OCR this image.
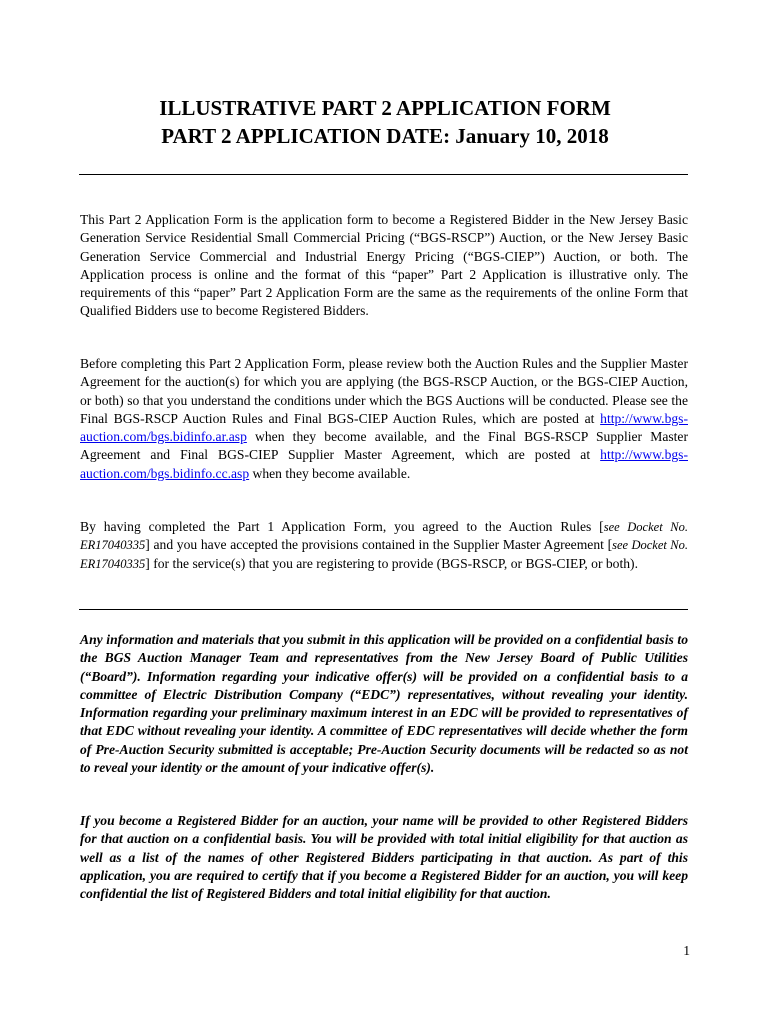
ILLUSTRATIVE PART 2 APPLICATION FORM
PART 2 APPLICATION DATE: January 10, 2018

This Part 2 Application Form is the application form to become a Registered Bidder in the New Jersey Basic Generation Service Residential Small Commercial Pricing (“BGS-RSCP”) Auction, or the New Jersey Basic Generation Service Commercial and Industrial Energy Pricing (“BGS-CIEP”) Auction, or both. The Application process is online and the format of this “paper” Part 2 Application is illustrative only. The requirements of this “paper” Part 2 Application Form are the same as the requirements of the online Form that Qualified Bidders use to become Registered Bidders.

Before completing this Part 2 Application Form, please review both the Auction Rules and the Supplier Master Agreement for the auction(s) for which you are applying (the BGS-RSCP Auction, or the BGS-CIEP Auction, or both) so that you understand the conditions under which the BGS Auctions will be conducted. Please see the Final BGS-RSCP Auction Rules and Final BGS-CIEP Auction Rules, which are posted at http://www.bgs-auction.com/bgs.bidinfo.ar.asp when they become available, and the Final BGS-RSCP Supplier Master Agreement and Final BGS-CIEP Supplier Master Agreement, which are posted at http://www.bgs-auction.com/bgs.bidinfo.cc.asp when they become available.

By having completed the Part 1 Application Form, you agreed to the Auction Rules [see Docket No. ER17040335] and you have accepted the provisions contained in the Supplier Master Agreement [see Docket No. ER17040335] for the service(s) that you are registering to provide (BGS-RSCP, or BGS-CIEP, or both).

Any information and materials that you submit in this application will be provided on a confidential basis to the BGS Auction Manager Team and representatives from the New Jersey Board of Public Utilities (“Board”). Information regarding your indicative offer(s) will be provided on a confidential basis to a committee of Electric Distribution Company (“EDC”) representatives, without revealing your identity. Information regarding your preliminary maximum interest in an EDC will be provided to representatives of that EDC without revealing your identity. A committee of EDC representatives will decide whether the form of Pre-Auction Security submitted is acceptable; Pre-Auction Security documents will be redacted so as not to reveal your identity or the amount of your indicative offer(s).

If you become a Registered Bidder for an auction, your name will be provided to other Registered Bidders for that auction on a confidential basis. You will be provided with total initial eligibility for that auction as well as a list of the names of other Registered Bidders participating in that auction. As part of this application, you are required to certify that if you become a Registered Bidder for an auction, you will keep confidential the list of Registered Bidders and total initial eligibility for that auction.

1
